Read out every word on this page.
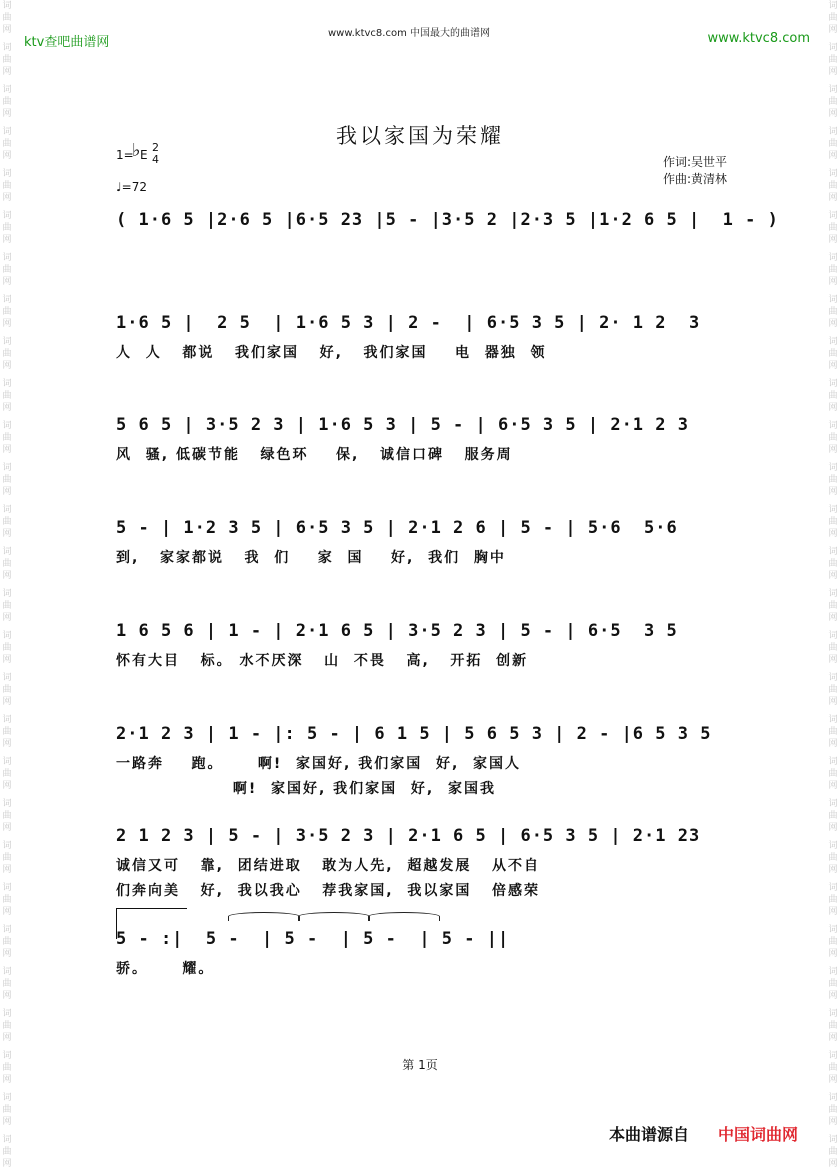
词
曲
网
词
曲
网
词
曲
网
词
曲
网
词
曲
网
词
曲
网
词
曲
网
词
曲
网
词
曲
网
词
曲
网
词
曲
网
词
曲
网
词
曲
网
词
曲
网
词
曲
网
词
曲
网
词
曲
网
词
曲
网
词
曲
网
词
曲
网
词
曲
网
词
曲
网
词
曲
网
词
曲
网
词
曲
网
词
曲
网
词
曲
网
词
曲
网
词
曲
网
词
曲
网
词
曲
网
词
曲
网
词
曲
网
词
曲
网
词
曲
网
词
曲
网
词
曲
网
词
曲
网
词
曲
网
词
曲
网
词
曲
网
词
曲
网
词
曲
网
词
曲
网
词
曲
网
词
曲
网
词
曲
网
词
曲
网
词
曲
网
词
曲
网
词
曲
网
词
曲
网
词
曲
网
词
曲
网
词
曲
网
词
曲
网
ktv查吧曲谱网
www.ktvc8.com 中国最大的曲谱网	www.ktvc8.com
我以家国为荣耀
1=
♭ E
2
4
♩=72
作词:吴世平
作曲:黄清林
( 1·6 5 |2·6 5 |6·5 23 |5 - |3·5 2 |2·3 5 |1·2 6 5 |  1 - )
1·6 5 |  2 5  | 1·6 5 3 | 2 -  | 6·5 3 5 | 2· 1 2  3
人  人   都说   我们家国   好,   我们家国    电  器独  领
5 6 5 | 3·5 2 3 | 1·6 5 3 | 5 - | 6·5 3 5 | 2·1 2 3
风  骚, 低碳节能   绿色环    保,   诚信口碑   服务周
5 - | 1·2 3 5 | 6·5 3 5 | 2·1 2 6 | 5 - | 5·6  5·6
到,   家家都说   我  们    家  国    好,  我们  胸中
1 6 5 6 | 1 - | 2·1 6 5 | 3·5 2 3 | 5 - | 6·5  3 5
怀有大目   标。 水不厌深   山  不畏   高,   开拓  创新
2·1 2 3 | 1 - |: 5 - | 6 1 5 | 5 6 5 3 | 2 - |6 5 3 5
一路奔    跑。     啊!  家国好, 我们家国  好,  家国人
啊!  家国好, 我们家国  好,  家国我
2 1 2 3 | 5 - | 3·5 2 3 | 2·1 6 5 | 6·5 3 5 | 2·1 23
诚信又可   靠,  团结进取   敢为人先,  超越发展   从不自
们奔向美   好,  我以我心   荐我家国,  我以家国   倍感荣
5 - :|  5 -  | 5 -  | 5 -  | 5 - ||
骄。     耀。
第 1页
本曲谱源自 中国词曲网
